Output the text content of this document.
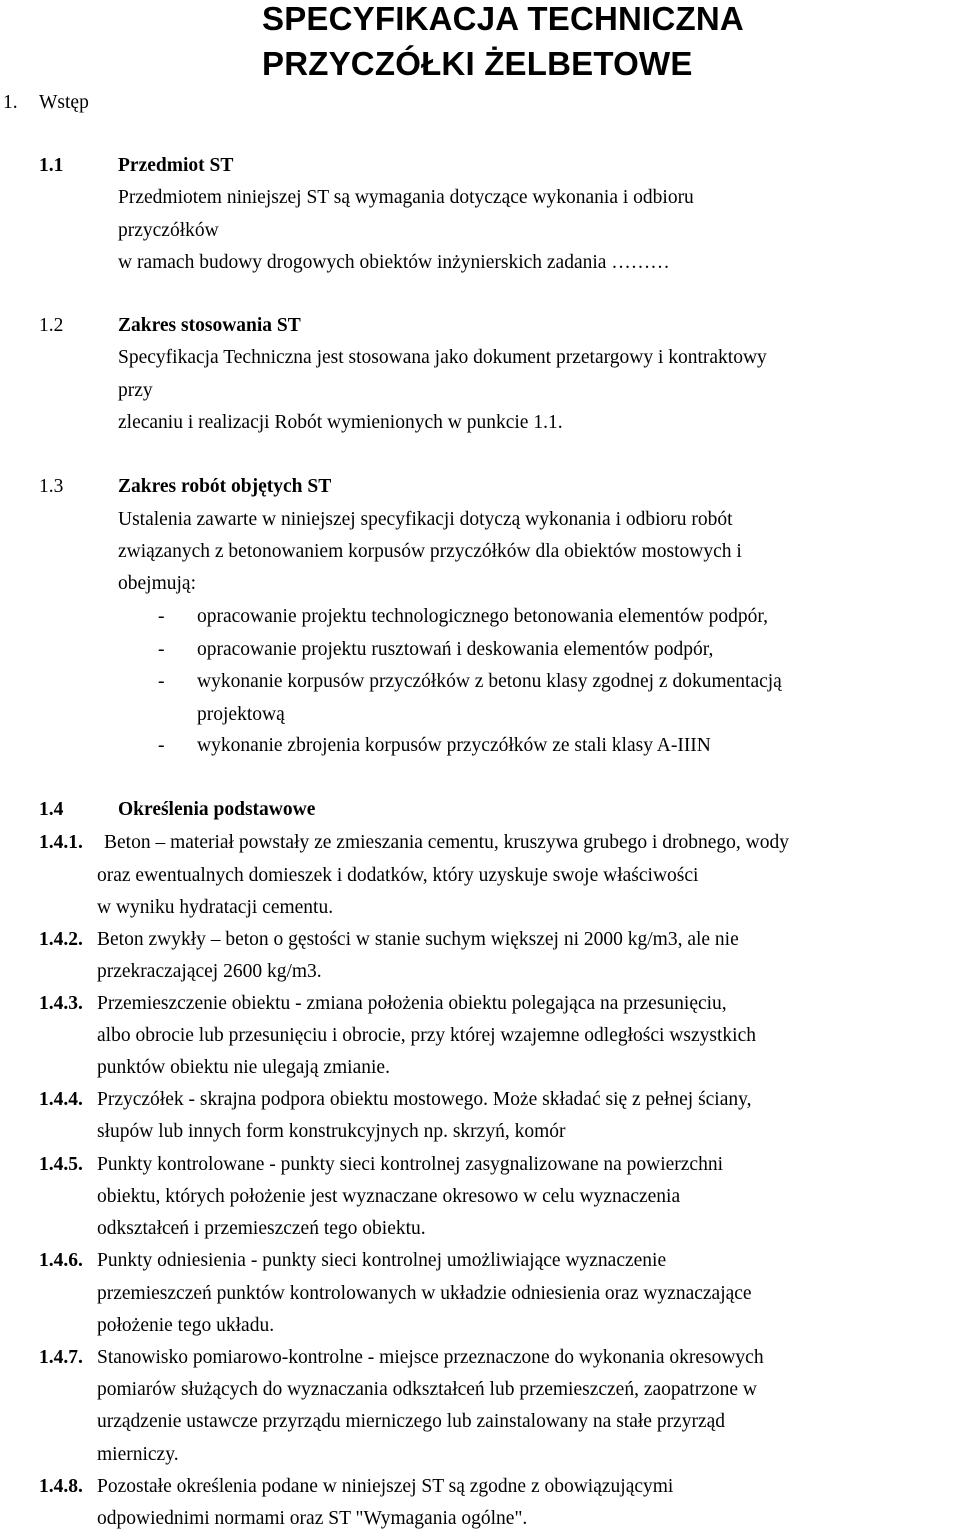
SPECYFIKACJA TECHNICZNA
PRZYCZÓŁKI ŻELBETOWE
1. Wstęp
1.1	Przedmiot ST
Przedmiotem niniejszej ST są wymagania dotyczące wykonania i odbioru
przyczółków
w ramach budowy drogowych obiektów inżynierskich zadania ………
1.2	Zakres stosowania ST
Specyfikacja Techniczna jest stosowana jako dokument przetargowy i kontraktowy
przy
zlecaniu i realizacji Robót wymienionych w punkcie 1.1.
1.3	Zakres robót objętych ST
Ustalenia zawarte w niniejszej specyfikacji dotyczą wykonania i odbioru robót
związanych z betonowaniem korpusów przyczółków dla obiektów mostowych i
obejmują:
- opracowanie projektu technologicznego betonowania elementów podpór,
- opracowanie projektu rusztowań i deskowania elementów podpór,
- wykonanie korpusów przyczółków z betonu klasy zgodnej z dokumentacją
projektową
- wykonanie zbrojenia korpusów przyczółków ze stali klasy A-IIIN
1.4	Określenia podstawowe
1.4.1. Beton – materiał powstały ze zmieszania cementu, kruszywa grubego i drobnego, wody
oraz ewentualnych domieszek i dodatków, który uzyskuje swoje właściwości
w wyniku hydratacji cementu.
1.4.2. Beton zwykły – beton o gęstości w stanie suchym większej ni 2000 kg/m3, ale nie
przekraczającej 2600 kg/m3.
1.4.3. Przemieszczenie obiektu - zmiana położenia obiektu polegająca na przesunięciu,
albo obrocie lub przesunięciu i obrocie, przy której wzajemne odległości wszystkich
punktów obiektu nie ulegają zmianie.
1.4.4. Przyczółek - skrajna podpora obiektu mostowego. Może składać się z pełnej ściany,
słupów lub innych form konstrukcyjnych np. skrzyń, komór
1.4.5. Punkty kontrolowane - punkty sieci kontrolnej zasygnalizowane na powierzchni
obiektu, których położenie jest wyznaczane okresowo w celu wyznaczenia
odkształceń i przemieszczeń tego obiektu.
1.4.6. Punkty odniesienia - punkty sieci kontrolnej umożliwiające wyznaczenie
przemieszczeń punktów kontrolowanych w układzie odniesienia oraz wyznaczające
położenie tego układu.
1.4.7. Stanowisko pomiarowo-kontrolne - miejsce przeznaczone do wykonania okresowych
pomiarów służących do wyznaczania odkształceń lub przemieszczeń, zaopatrzone w
urządzenie ustawcze przyrządu mierniczego lub zainstalowany na stałe przyrząd
mierniczy.
1.4.8. Pozostałe określenia podane w niniejszej ST są zgodne z obowiązującymi
odpowiednimi normami oraz ST "Wymagania ogólne".
